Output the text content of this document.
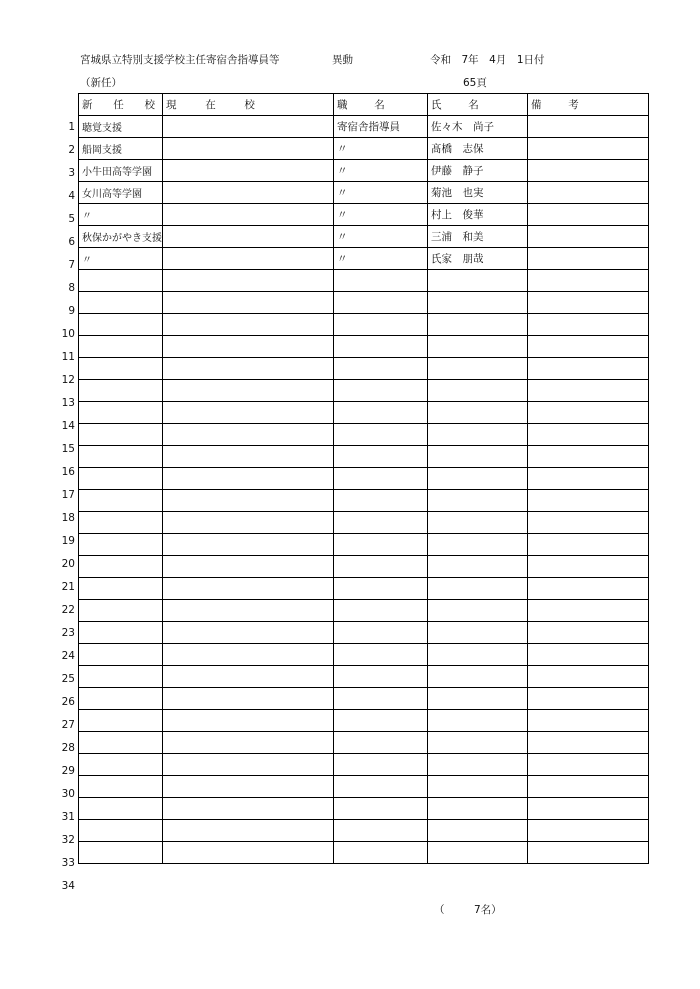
宮城県立特別支援学校主任寄宿舎指導員等	異動	令和　7年　4月　1日付
（新任）	65頁
1
2
3
4
5
6
7
8
9
10
11
12
13
14
15
16
17
18
19
20
21
22
23
24
25
26
27
28
29
30
31
32
33
34
新 任 校	現 在 校	職 名	氏 名	備 考
聴覚支援		寄宿舎指導員	佐々木　尚子	
船岡支援		〃	髙橋　志保	
小牛田高等学園		〃	伊藤　静子	
女川高等学園		〃	菊池　也実	
〃		〃	村上　俊華	
秋保かがやき支援		〃	三浦　和美	
〃		〃	氏家　朋哉	

（	7名）
